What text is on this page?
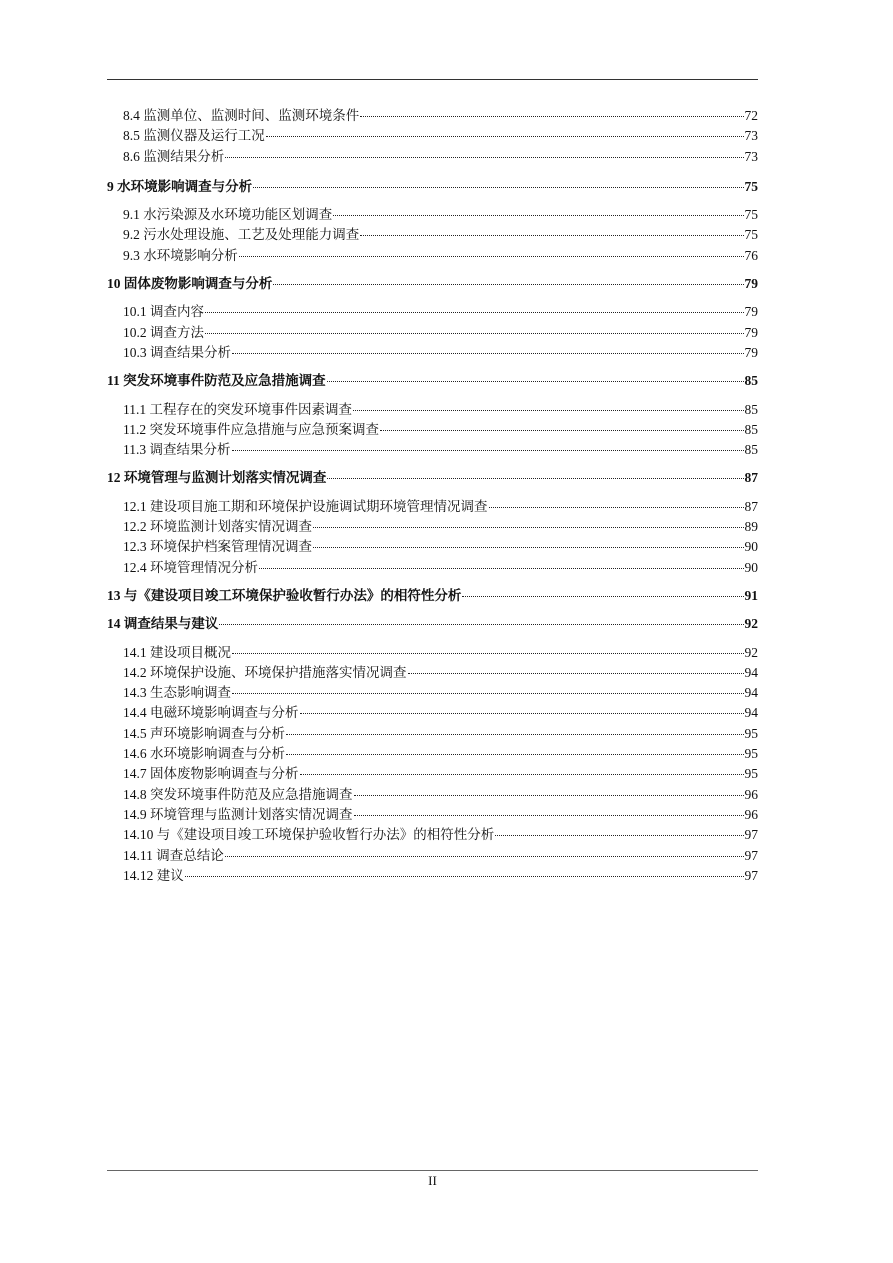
8.4 监测单位、监测时间、监测环境条件	72
8.5 监测仪器及运行工况	73
8.6 监测结果分析	73
9 水环境影响调查与分析	75
9.1 水污染源及水环境功能区划调查	75
9.2 污水处理设施、工艺及处理能力调查	75
9.3 水环境影响分析	76
10 固体废物影响调查与分析	79
10.1 调查内容	79
10.2 调查方法	79
10.3 调查结果分析	79
11 突发环境事件防范及应急措施调查	85
11.1 工程存在的突发环境事件因素调查	85
11.2 突发环境事件应急措施与应急预案调查	85
11.3 调查结果分析	85
12 环境管理与监测计划落实情况调查	87
12.1 建设项目施工期和环境保护设施调试期环境管理情况调查	87
12.2 环境监测计划落实情况调查	89
12.3 环境保护档案管理情况调查	90
12.4 环境管理情况分析	90
13 与《建设项目竣工环境保护验收暂行办法》的相符性分析	91
14 调查结果与建议	92
14.1 建设项目概况	92
14.2 环境保护设施、环境保护措施落实情况调查	94
14.3 生态影响调查	94
14.4 电磁环境影响调查与分析	94
14.5 声环境影响调查与分析	95
14.6 水环境影响调查与分析	95
14.7 固体废物影响调查与分析	95
14.8 突发环境事件防范及应急措施调查	96
14.9 环境管理与监测计划落实情况调查	96
14.10 与《建设项目竣工环境保护验收暂行办法》的相符性分析	97
14.11 调查总结论	97
14.12 建议	97
II
